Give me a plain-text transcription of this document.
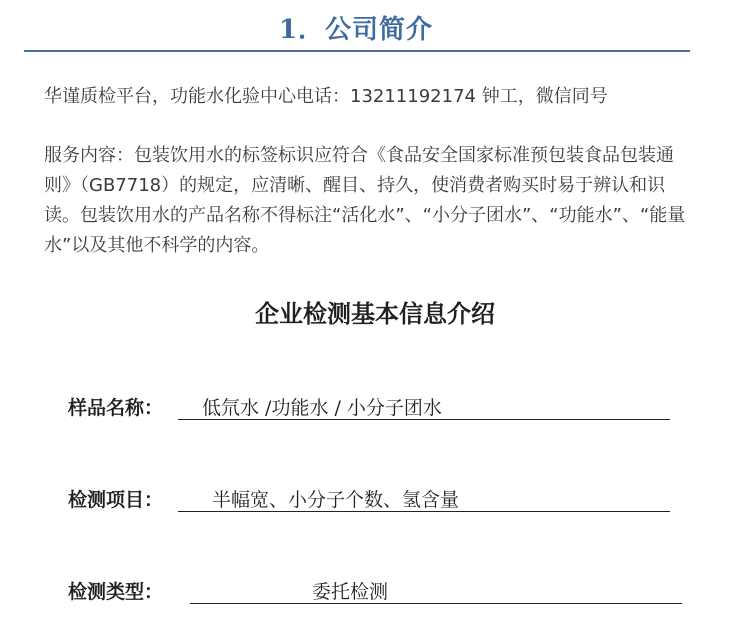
1．公司简介
华谨质检平台，功能水化验中心电话：13211192174 钟工，微信同号
服务内容：包装饮用水的标签标识应符合《食品安全国家标准预包装食品包装通则》（GB7718）的规定，应清晰、醒目、持久，使消费者购买时易于辨认和识读。包装饮用水的产品名称不得标注“活化水”、“小分子团水”、“功能水”、“能量水”以及其他不科学的内容。
企业检测基本信息介绍
样品名称： 低氘水 /功能水 / 小分子团水
检测项目：	半幅宽、小分子个数、氢含量
检测类型：	委托检测
